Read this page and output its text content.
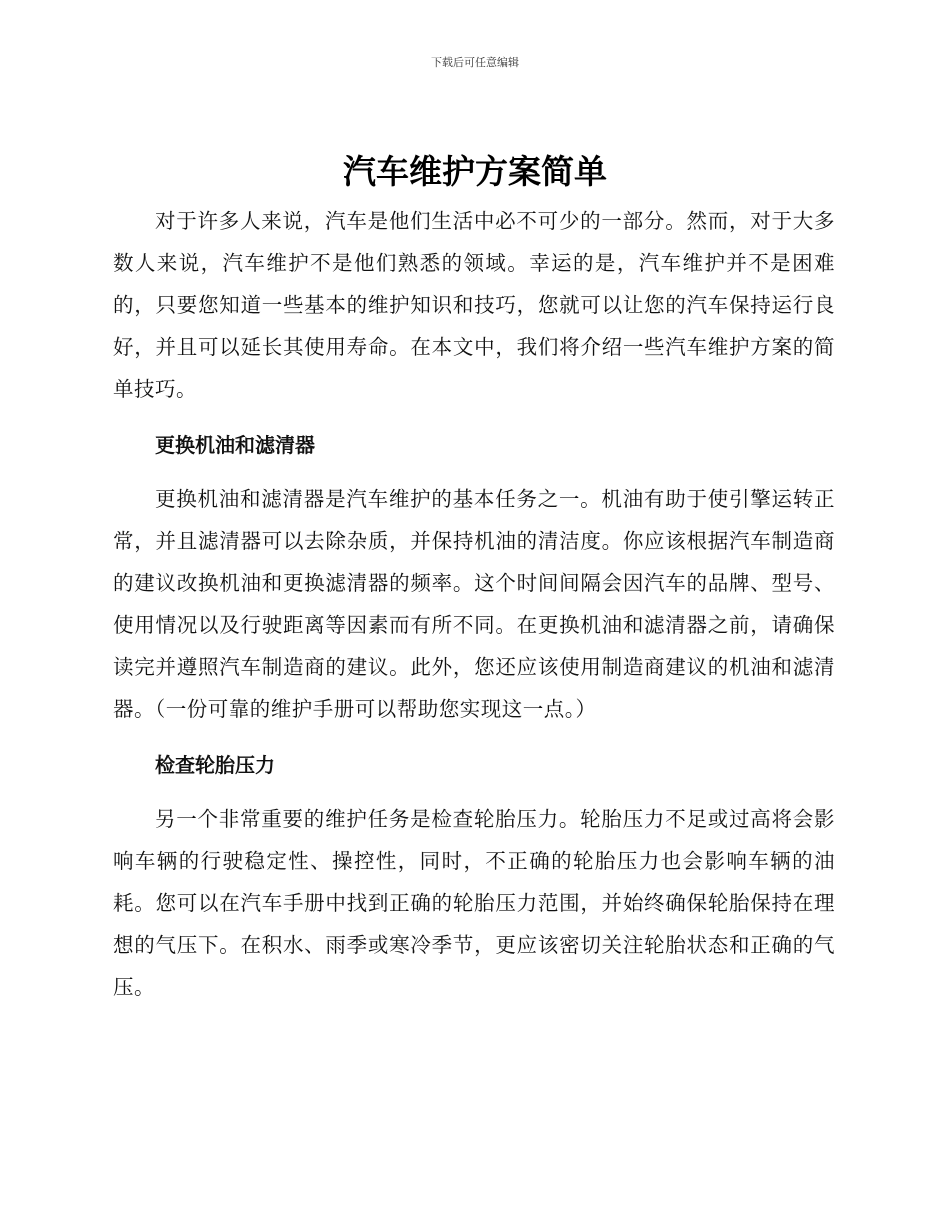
下载后可任意编辑
汽车维护方案简单

对于许多人来说，汽车是他们生活中必不可少的一部分。然而，对于大多数人来说，汽车维护不是他们熟悉的领域。幸运的是，汽车维护并不是困难的，只要您知道一些基本的维护知识和技巧，您就可以让您的汽车保持运行良好，并且可以延长其使用寿命。在本文中，我们将介绍一些汽车维护方案的简单技巧。

更换机油和滤清器

更换机油和滤清器是汽车维护的基本任务之一。机油有助于使引擎运转正常，并且滤清器可以去除杂质，并保持机油的清洁度。你应该根据汽车制造商的建议改换机油和更换滤清器的频率。这个时间间隔会因汽车的品牌、型号、使用情况以及行驶距离等因素而有所不同。在更换机油和滤清器之前，请确保读完并遵照汽车制造商的建议。此外，您还应该使用制造商建议的机油和滤清器。（一份可靠的维护手册可以帮助您实现这一点。）

检查轮胎压力

另一个非常重要的维护任务是检查轮胎压力。轮胎压力不足或过高将会影响车辆的行驶稳定性、操控性，同时，不正确的轮胎压力也会影响车辆的油耗。您可以在汽车手册中找到正确的轮胎压力范围，并始终确保轮胎保持在理想的气压下。在积水、雨季或寒冷季节，更应该密切关注轮胎状态和正确的气压。
